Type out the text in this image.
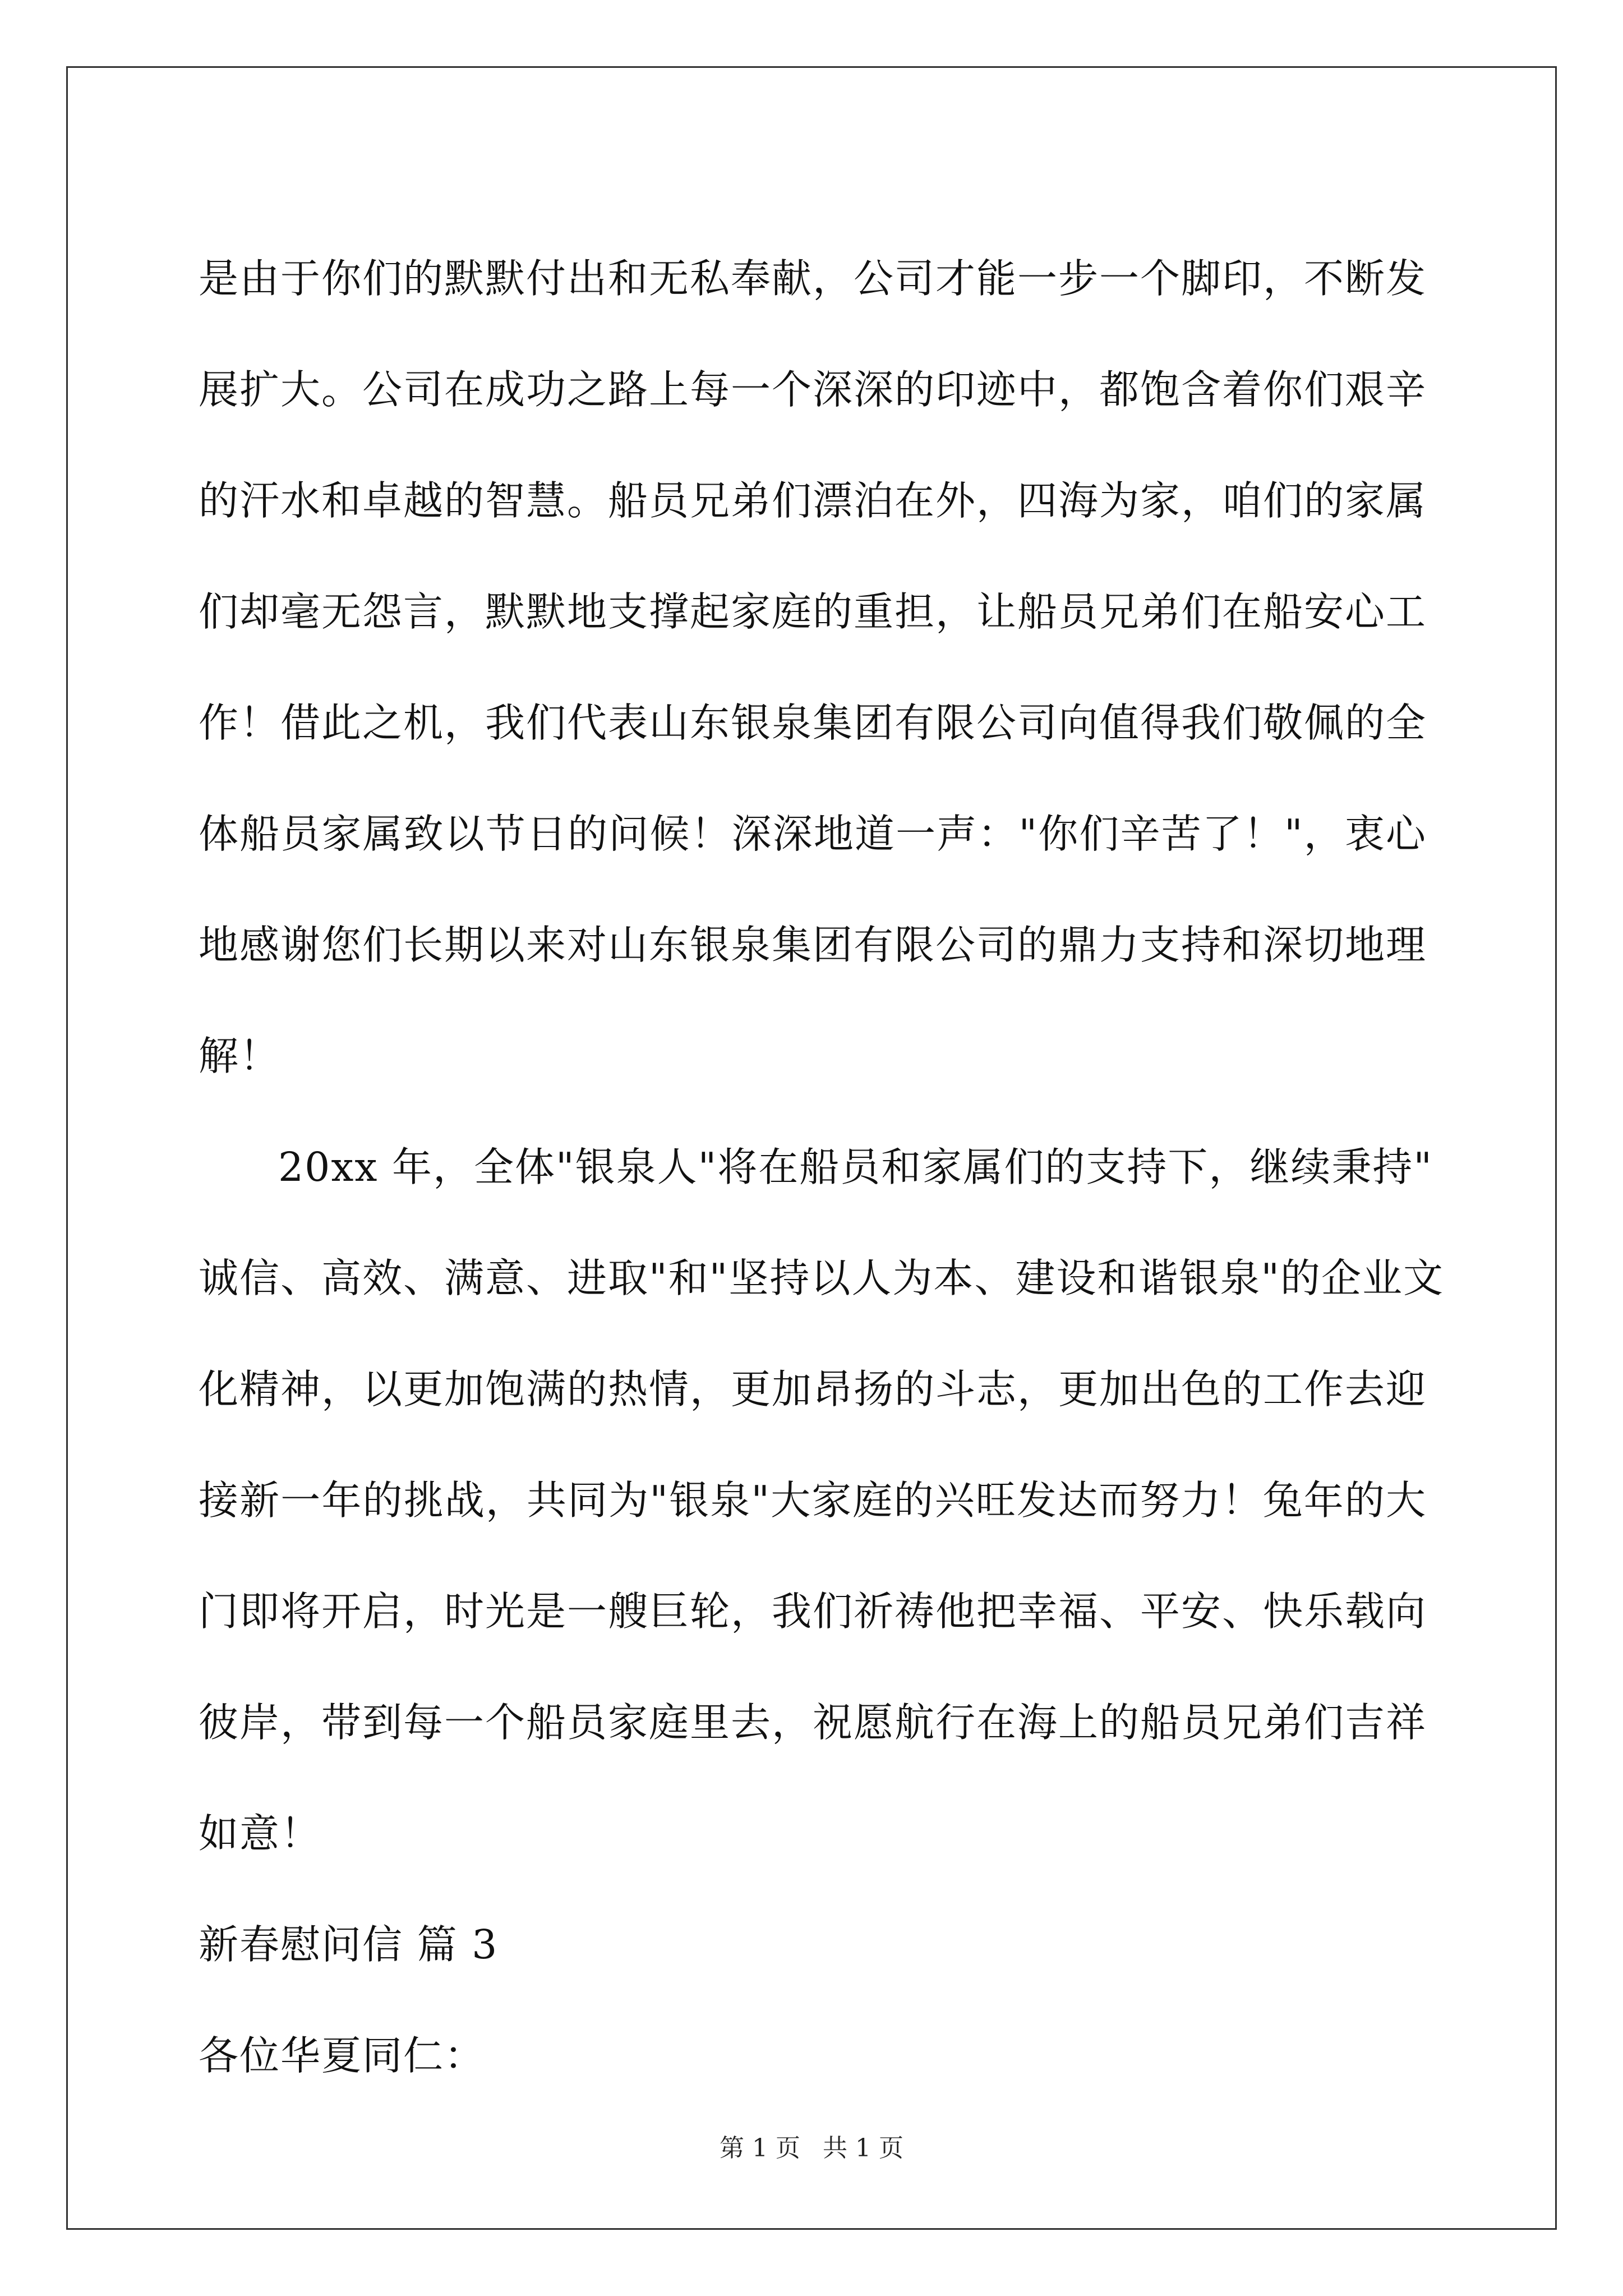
是由于你们的默默付出和无私奉献，公司才能一步一个脚印，不断发
展扩大。公司在成功之路上每一个深深的印迹中，都饱含着你们艰辛
的汗水和卓越的智慧。船员兄弟们漂泊在外，四海为家，咱们的家属
们却毫无怨言，默默地支撑起家庭的重担，让船员兄弟们在船安心工
作！借此之机，我们代表山东银泉集团有限公司向值得我们敬佩的全
体船员家属致以节日的问候！深深地道一声："你们辛苦了！"，衷心
地感谢您们长期以来对山东银泉集团有限公司的鼎力支持和深切地理
解！
20xx 年，全体"银泉人"将在船员和家属们的支持下，继续秉持"
诚信、高效、满意、进取"和"坚持以人为本、建设和谐银泉"的企业文
化精神，以更加饱满的热情，更加昂扬的斗志，更加出色的工作去迎
接新一年的挑战，共同为"银泉"大家庭的兴旺发达而努力！兔年的大
门即将开启，时光是一艘巨轮，我们祈祷他把幸福、平安、快乐载向
彼岸，带到每一个船员家庭里去，祝愿航行在海上的船员兄弟们吉祥
如意！
新春慰问信 篇 3
各位华夏同仁：
第 1 页 共 1 页
